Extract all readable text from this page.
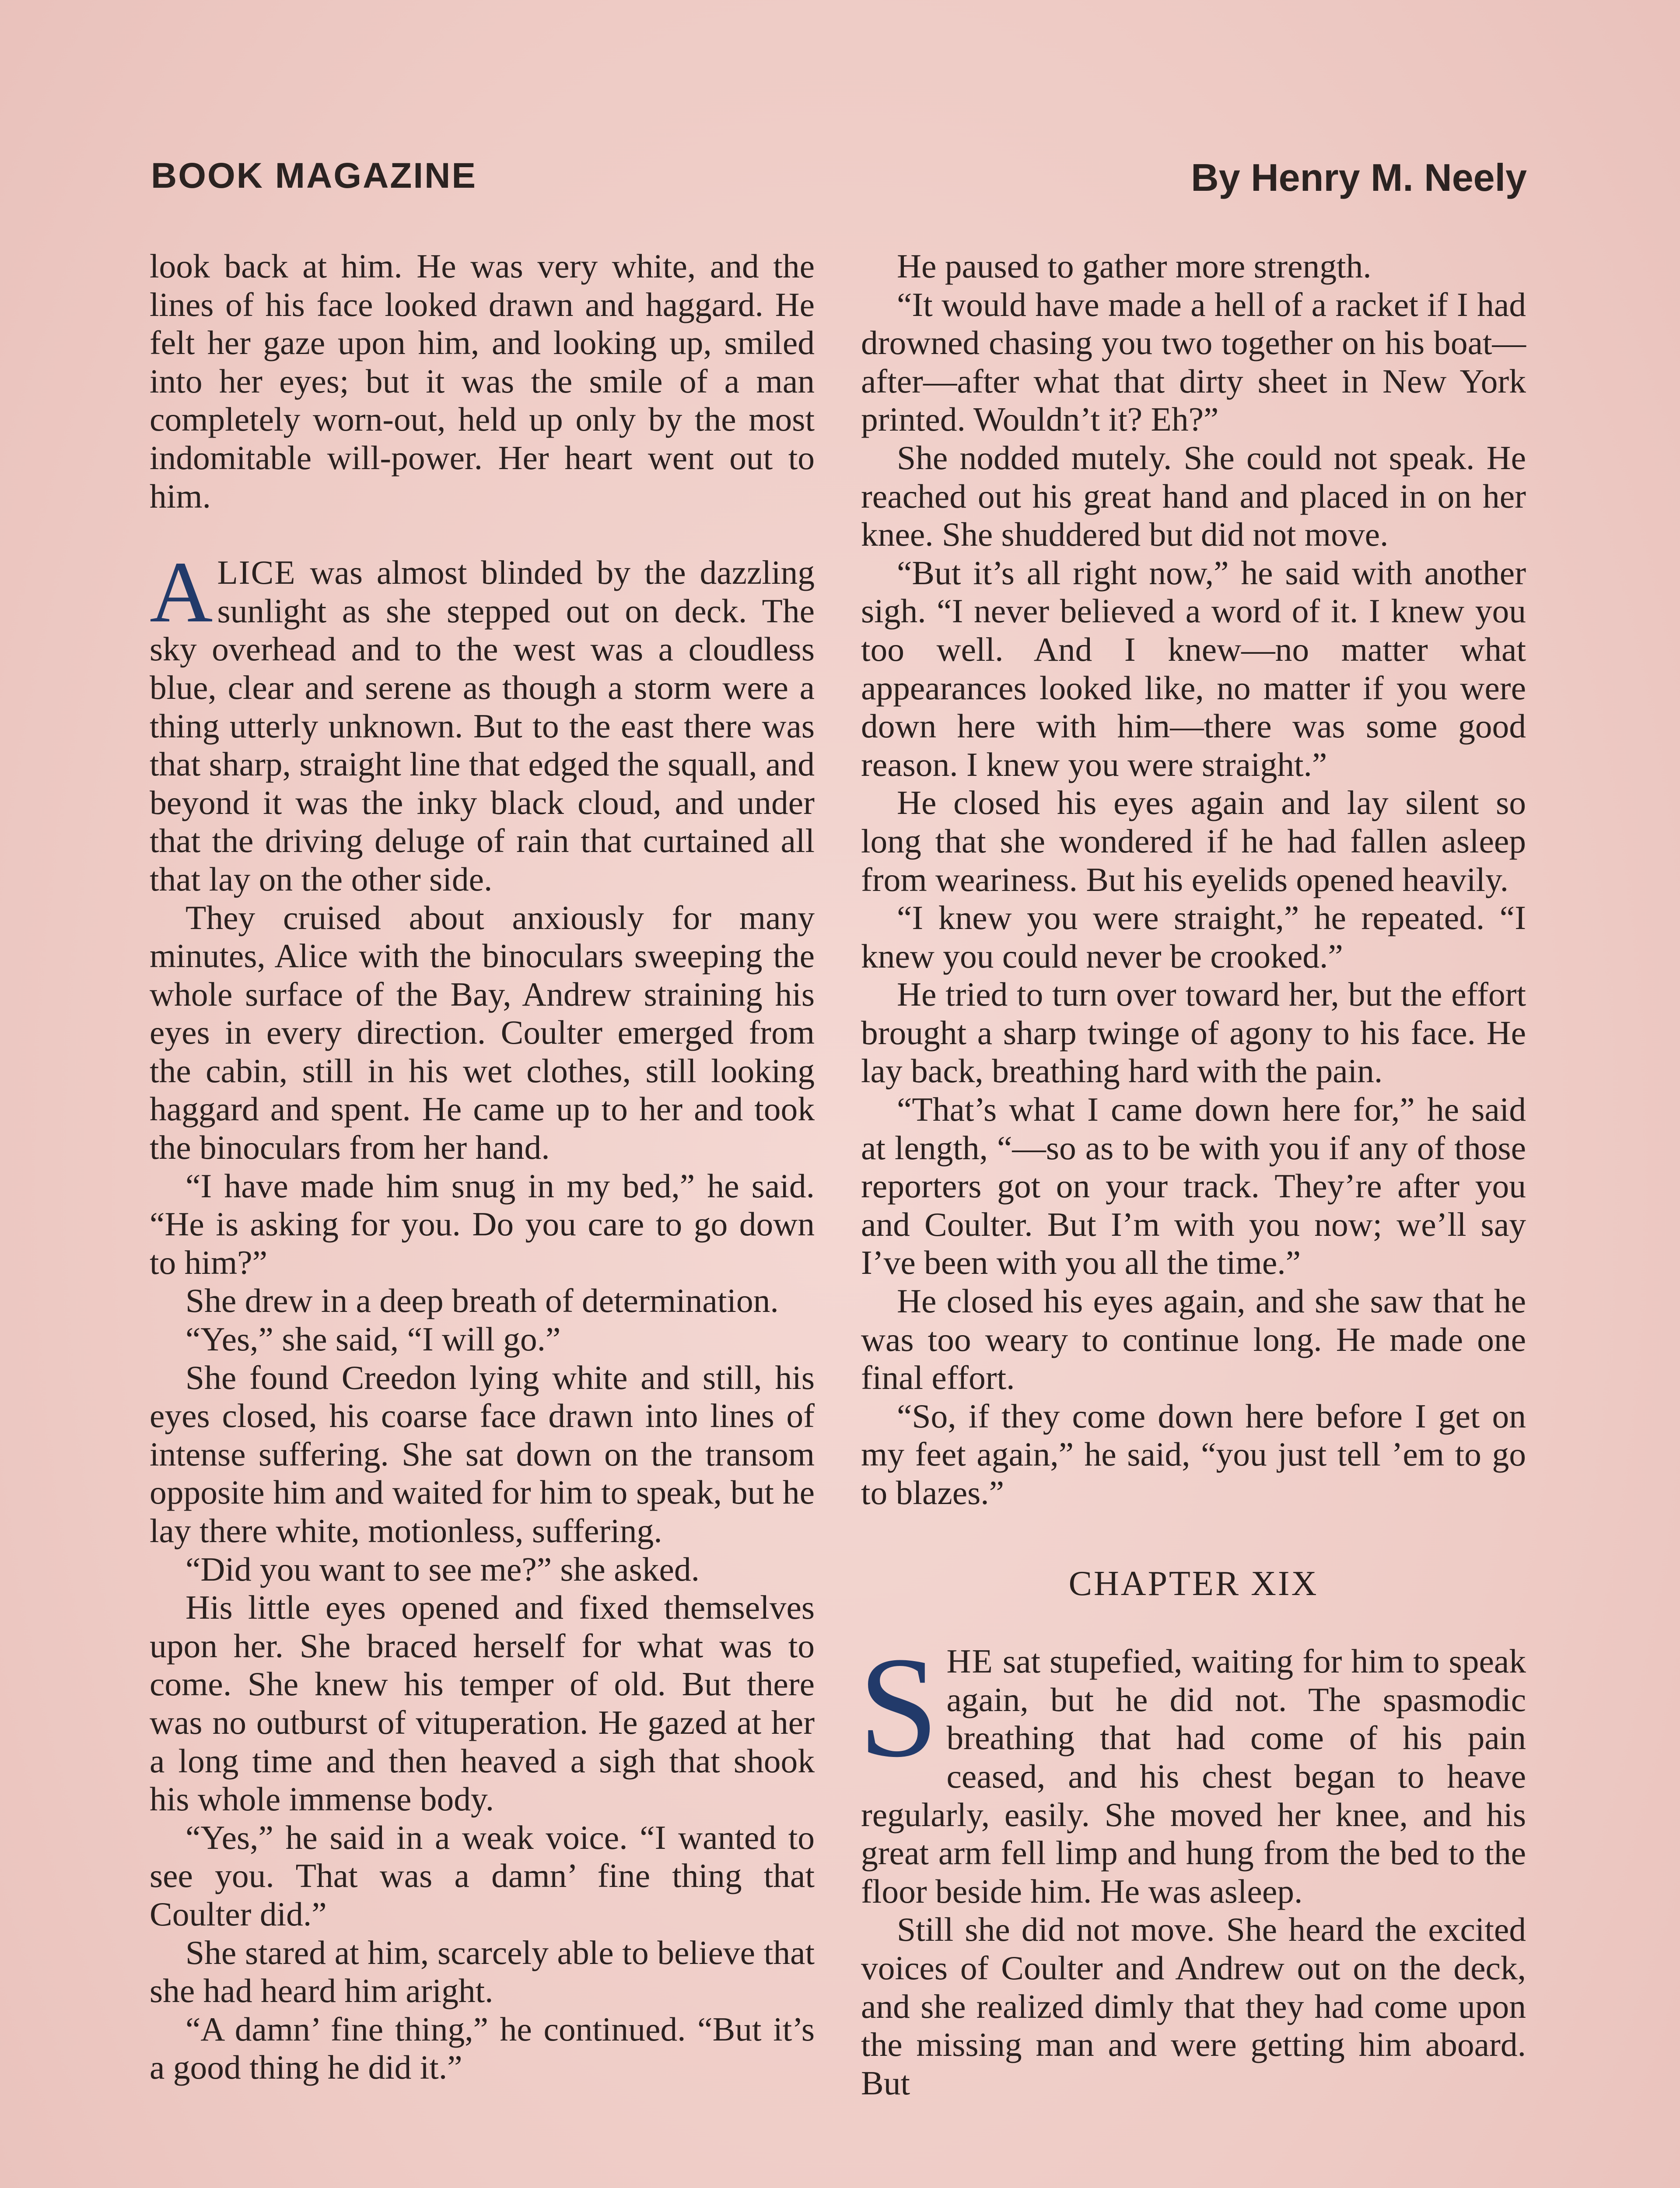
BOOK MAGAZINE	By Henry M. Neely

look back at him. He was very white, and the lines of his face looked drawn and haggard. He felt her gaze upon him, and looking up, smiled into her eyes; but it was the smile of a man completely worn-out, held up only by the most indomitable will-power. Her heart went out to him.

ALICE was almost blinded by the dazzling sunlight as she stepped out on deck. The sky overhead and to the west was a cloudless blue, clear and serene as though a storm were a thing utterly unknown. But to the east there was that sharp, straight line that edged the squall, and beyond it was the inky black cloud, and under that the driving deluge of rain that curtained all that lay on the other side.

They cruised about anxiously for many minutes, Alice with the binoculars sweeping the whole surface of the Bay, Andrew straining his eyes in every direction. Coulter emerged from the cabin, still in his wet clothes, still looking haggard and spent. He came up to her and took the binoculars from her hand.

“I have made him snug in my bed,” he said. “He is asking for you. Do you care to go down to him?”

She drew in a deep breath of determination.

“Yes,” she said, “I will go.”

She found Creedon lying white and still, his eyes closed, his coarse face drawn into lines of intense suffering. She sat down on the transom opposite him and waited for him to speak, but he lay there white, motionless, suffering.

“Did you want to see me?” she asked.

His little eyes opened and fixed themselves upon her. She braced herself for what was to come. She knew his temper of old. But there was no outburst of vituperation. He gazed at her a long time and then heaved a sigh that shook his whole immense body.

“Yes,” he said in a weak voice. “I wanted to see you. That was a damn’ fine thing that Coulter did.”

She stared at him, scarcely able to believe that she had heard him aright.

“A damn’ fine thing,” he continued. “But it’s a good thing he did it.”

He paused to gather more strength.

“It would have made a hell of a racket if I had drowned chasing you two together on his boat—after—after what that dirty sheet in New York printed. Wouldn’t it? Eh?”

She nodded mutely. She could not speak. He reached out his great hand and placed in on her knee. She shuddered but did not move.

“But it’s all right now,” he said with another sigh. “I never believed a word of it. I knew you too well. And I knew—no matter what appearances looked like, no matter if you were down here with him—there was some good reason. I knew you were straight.”

He closed his eyes again and lay silent so long that she wondered if he had fallen asleep from weariness. But his eyelids opened heavily.

“I knew you were straight,” he repeated. “I knew you could never be crooked.”

He tried to turn over toward her, but the effort brought a sharp twinge of agony to his face. He lay back, breathing hard with the pain.

“That’s what I came down here for,” he said at length, “—so as to be with you if any of those reporters got on your track. They’re after you and Coulter. But I’m with you now; we’ll say I’ve been with you all the time.”

He closed his eyes again, and she saw that he was too weary to continue long. He made one final effort.

“So, if they come down here before I get on my feet again,” he said, “you just tell ’em to go to blazes.”

CHAPTER XIX

SHE sat stupefied, waiting for him to speak again, but he did not. The spasmodic breathing that had come of his pain ceased, and his chest began to heave regularly, easily. She moved her knee, and his great arm fell limp and hung from the bed to the floor beside him. He was asleep.

Still she did not move. She heard the excited voices of Coulter and Andrew out on the deck, and she realized dimly that they had come upon the missing man and were getting him aboard. But
